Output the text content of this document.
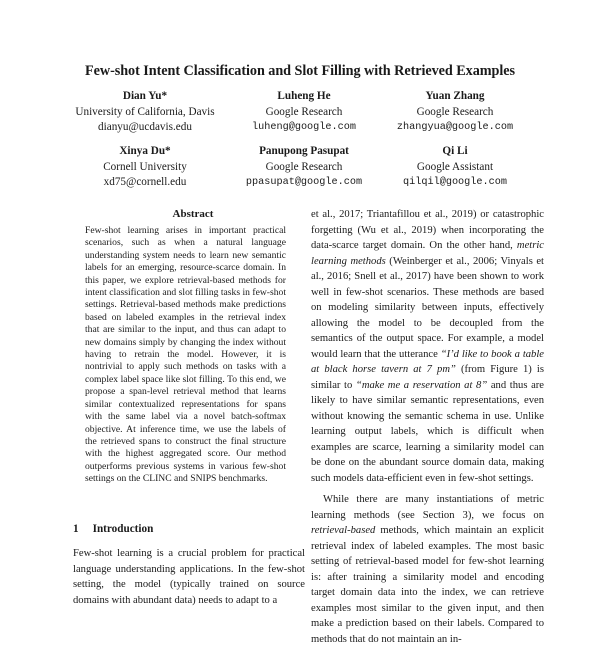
Few-shot Intent Classification and Slot Filling with Retrieved Examples
Dian Yu*
University of California, Davis
dianyu@ucdavis.edu
Luheng He
Google Research
luheng@google.com
Yuan Zhang
Google Research
zhangyua@google.com
Xinya Du*
Cornell University
xd75@cornell.edu
Panupong Pasupat
Google Research
ppasupat@google.com
Qi Li
Google Assistant
qilqil@google.com
Abstract
Few-shot learning arises in important practical scenarios, such as when a natural language understanding system needs to learn new semantic labels for an emerging, resource-scarce domain. In this paper, we explore retrieval-based methods for intent classification and slot filling tasks in few-shot settings. Retrieval-based methods make predictions based on labeled examples in the retrieval index that are similar to the input, and thus can adapt to new domains simply by changing the index without having to retrain the model. However, it is nontrivial to apply such methods on tasks with a complex label space like slot filling. To this end, we propose a span-level retrieval method that learns similar contextualized representations for spans with the same label via a novel batch-softmax objective. At inference time, we use the labels of the retrieved spans to construct the final structure with the highest aggregated score. Our method outperforms previous systems in various few-shot settings on the CLINC and SNIPS benchmarks.
1 Introduction
Few-shot learning is a crucial problem for practical language understanding applications. In the few-shot setting, the model (typically trained on source domains with abundant data) needs to adapt to a

et al., 2017; Triantafillou et al., 2019) or catastrophic forgetting (Wu et al., 2019) when incorporating the data-scarce target domain. On the other hand, metric learning methods (Weinberger et al., 2006; Vinyals et al., 2016; Snell et al., 2017) have been shown to work well in few-shot scenarios. These methods are based on modeling similarity between inputs, effectively allowing the model to be decoupled from the semantics of the output space. For example, a model would learn that the utterance “I’d like to book a table at black horse tavern at 7 pm” (from Figure 1) is similar to “make me a reservation at 8” and thus are likely to have similar semantic representations, even without knowing the semantic schema in use. Unlike learning output labels, which is difficult when examples are scarce, learning a similarity model can be done on the abundant source domain data, making such models data-efficient even in few-shot settings.

While there are many instantiations of metric learning methods (see Section 3), we focus on retrieval-based methods, which maintain an explicit retrieval index of labeled examples. The most basic setting of retrieval-based model for few-shot learning is: after training a similarity model and encoding target domain data into the index, we can retrieve examples most similar to the given input, and then make a prediction based on their labels. Compared to methods that do not maintain an in-
